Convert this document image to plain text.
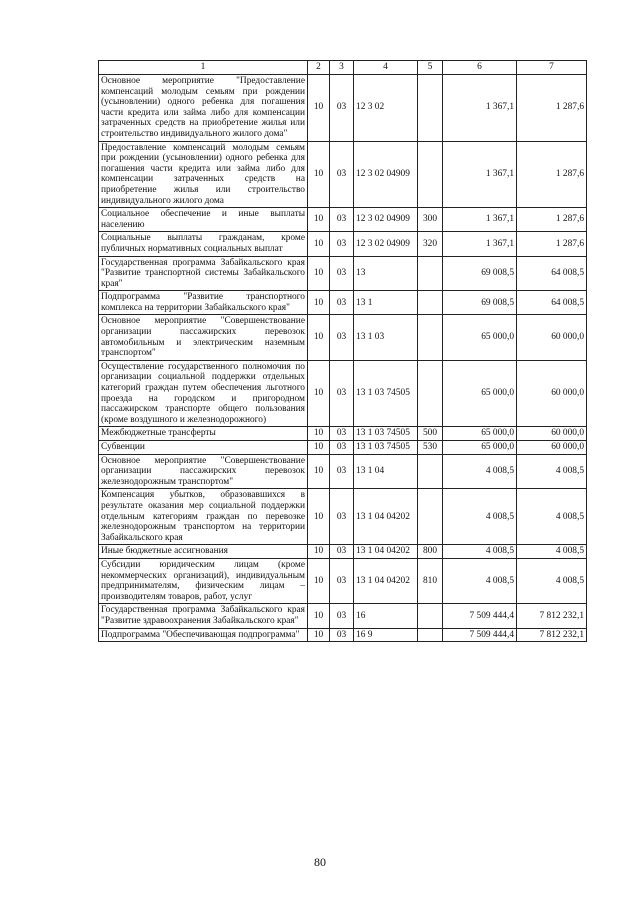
1	2	3	4	5	6	7
Основное мероприятие "Предоставление компенсаций молодым семьям при рождении (усыновлении) одного ребенка для погашения части кредита или займа либо для компенсации затраченных средств на приобретение жилья или строительство индивидуального жилого дома"	10	03	12 3 02		1 367,1	1 287,6
Предоставление компенсаций молодым семьям при рождении (усыновлении) одного ребенка для погашения части кредита или займа либо для компенсации затраченных средств на приобретение жилья или строительство индивидуального жилого дома	10	03	12 3 02 04909		1 367,1	1 287,6
Социальное обеспечение и иные выплаты населению	10	03	12 3 02 04909	300	1 367,1	1 287,6
Социальные выплаты гражданам, кроме публичных нормативных социальных выплат	10	03	12 3 02 04909	320	1 367,1	1 287,6
Государственная программа Забайкальского края "Развитие транспортной системы Забайкальского края"	10	03	13		69 008,5	64 008,5
Подпрограмма "Развитие транспортного комплекса на территории Забайкальского края"	10	03	13 1		69 008,5	64 008,5
Основное мероприятие "Совершенствование организации пассажирских перевозок автомобильным и электрическим наземным транспортом"	10	03	13 1 03		65 000,0	60 000,0
Осуществление государственного полномочия по организации социальной поддержки отдельных категорий граждан путем обеспечения льготного проезда на городском и пригородном пассажирском транспорте общего пользования (кроме воздушного и железнодорожного)	10	03	13 1 03 74505		65 000,0	60 000,0
Межбюджетные трансферты	10	03	13 1 03 74505	500	65 000,0	60 000,0
Субвенции	10	03	13 1 03 74505	530	65 000,0	60 000,0
Основное мероприятие "Совершенствование организации пассажирских перевозок железнодорожным транспортом"	10	03	13 1 04		4 008,5	4 008,5
Компенсация убытков, образовавшихся в результате оказания мер социальной поддержки отдельным категориям граждан по перевозке железнодорожным транспортом на территории Забайкальского края	10	03	13 1 04 04202		4 008,5	4 008,5
Иные бюджетные ассигнования	10	03	13 1 04 04202	800	4 008,5	4 008,5
Субсидии юридическим лицам (кроме некоммерческих организаций), индивидуальным предпринимателям, физическим лицам – производителям товаров, работ, услуг	10	03	13 1 04 04202	810	4 008,5	4 008,5
Государственная программа Забайкальского края "Развитие здравоохранения Забайкальского края"	10	03	16		7 509 444,4	7 812 232,1
Подпрограмма "Обеспечивающая подпрограмма"	10	03	16 9		7 509 444,4	7 812 232,1
80
